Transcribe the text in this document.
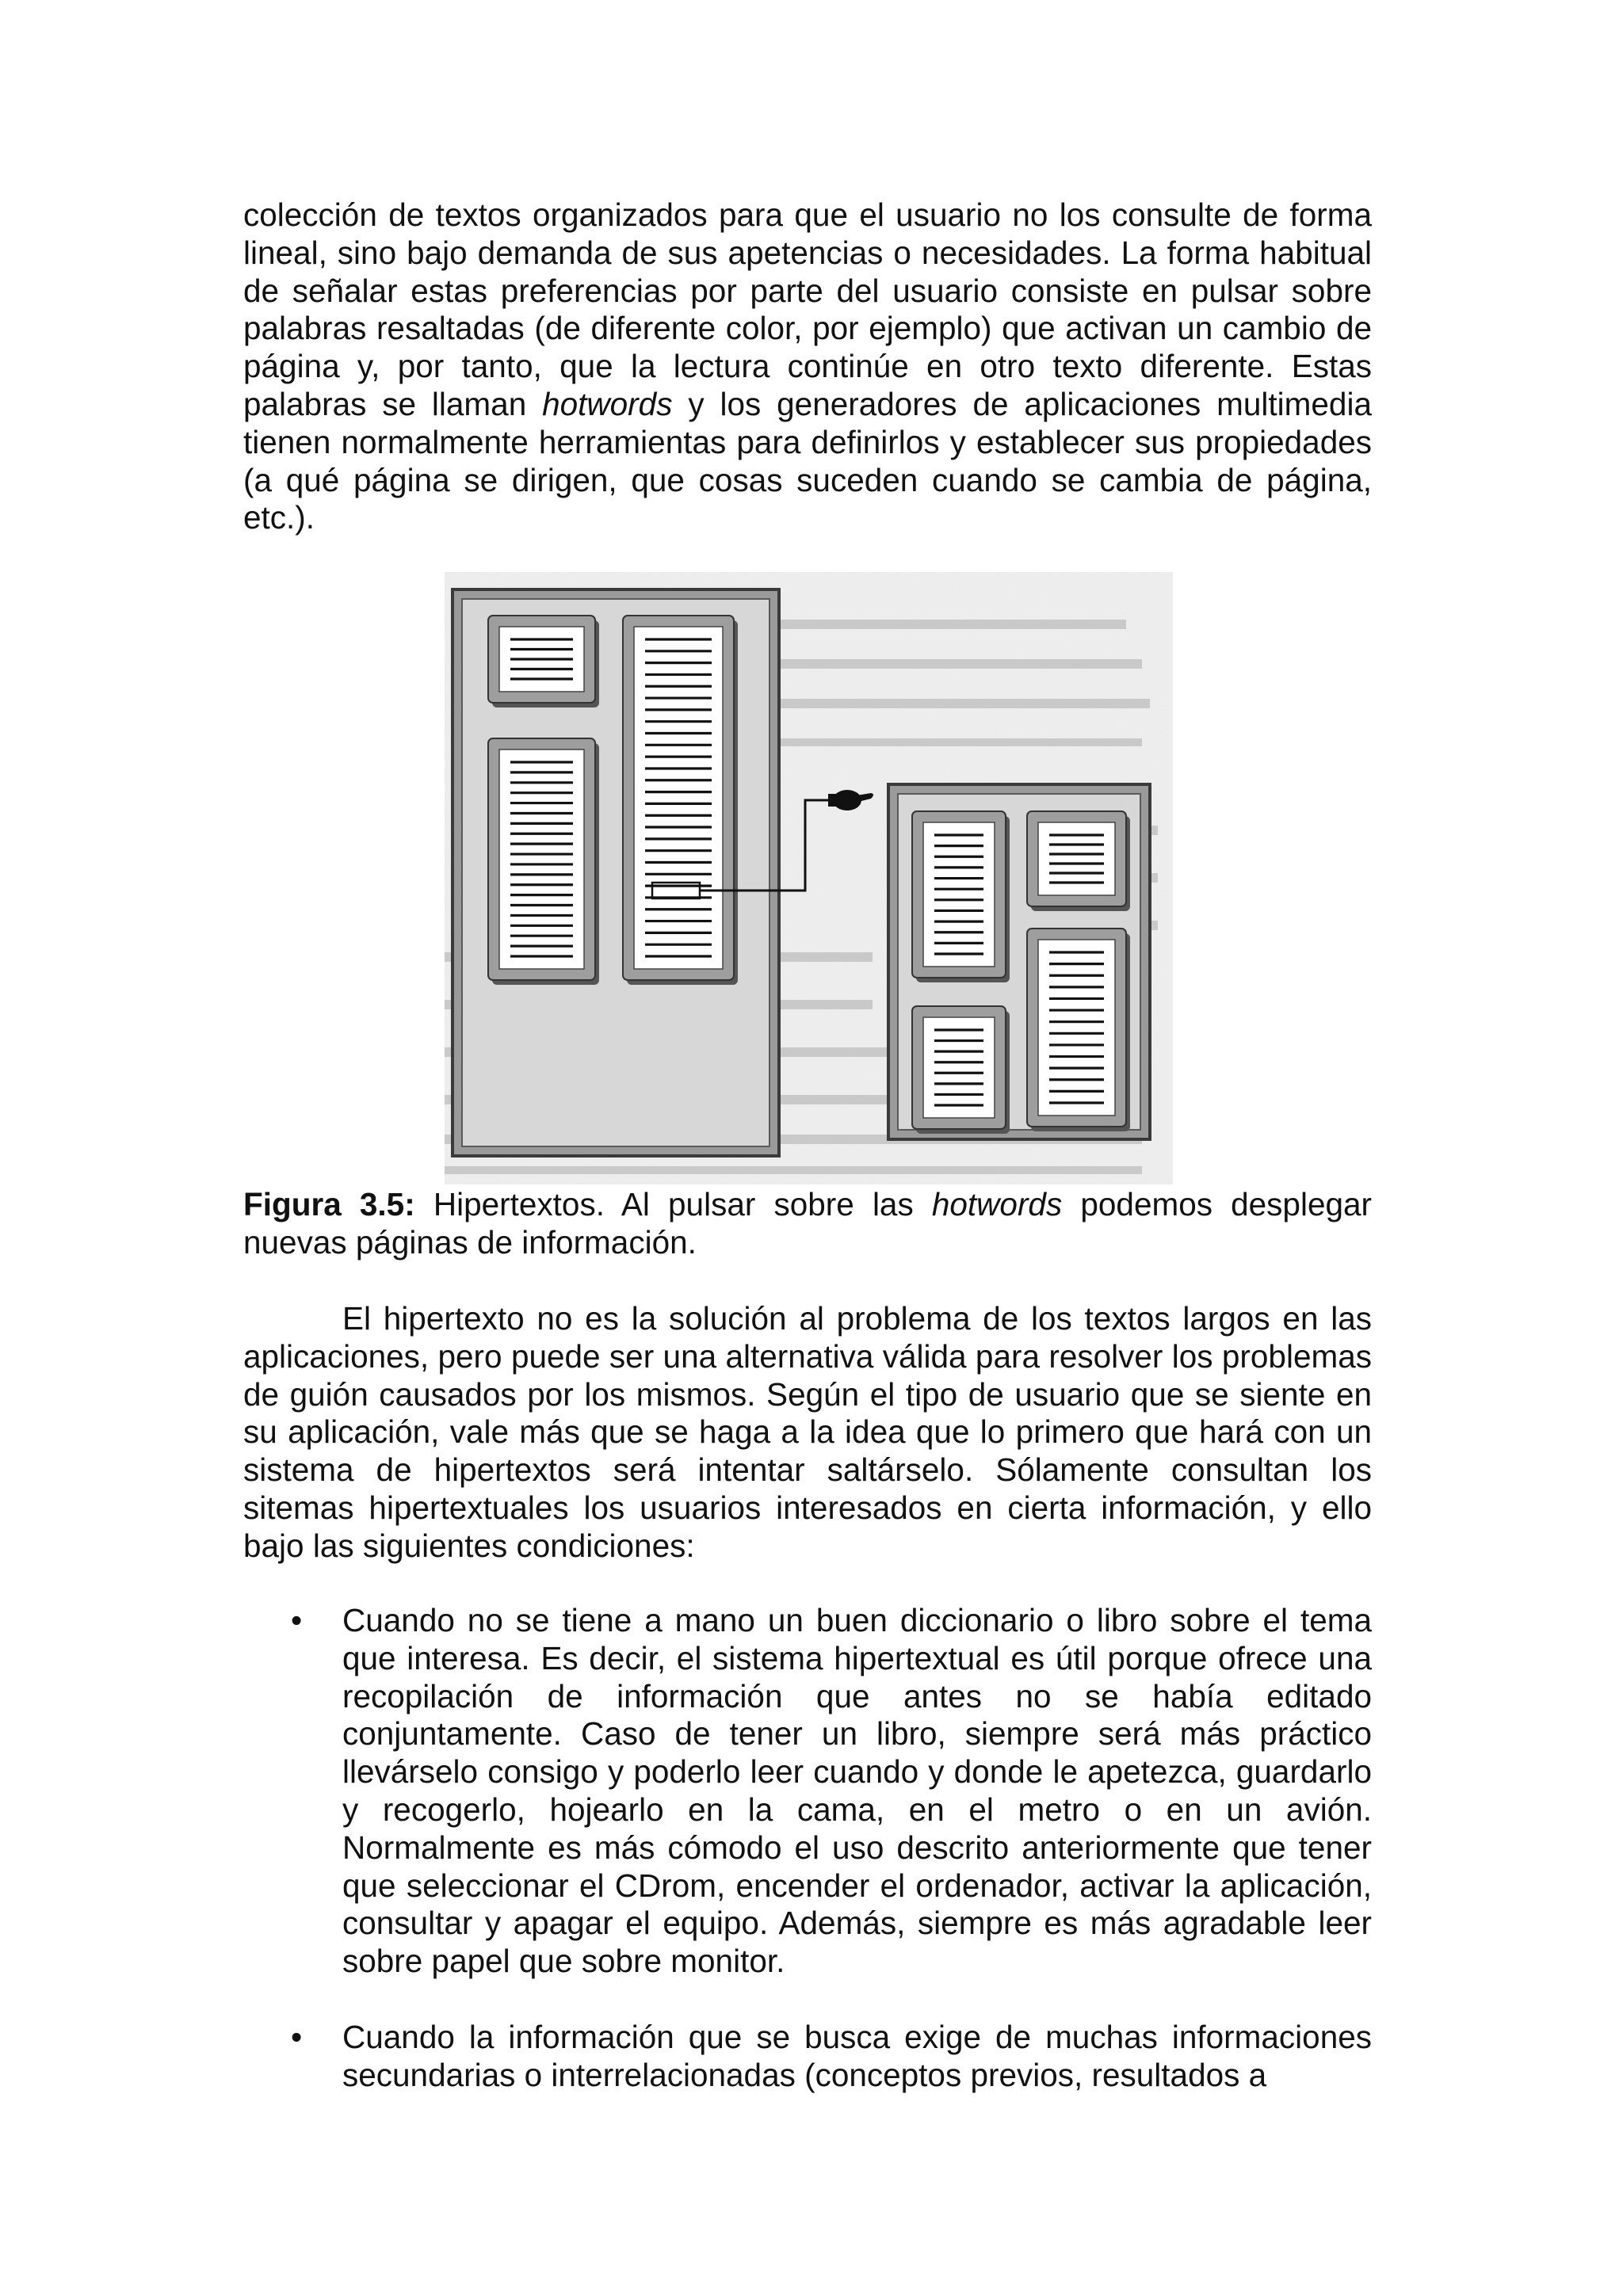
colección de textos organizados para que el usuario no los consulte de forma lineal, sino bajo demanda de sus apetencias o necesidades. La forma habitual de señalar estas preferencias por parte del usuario consiste en pulsar sobre palabras resaltadas (de diferente color, por ejemplo) que activan un cambio de página y, por tanto, que la lectura continúe en otro texto diferente. Estas palabras se llaman hotwords y los generadores de aplicaciones multimedia tienen normalmente herramientas para definirlos y establecer sus propiedades (a qué página se dirigen, que cosas suceden cuando se cambia de página, etc.).

Figura 3.5: Hipertextos. Al pulsar sobre las hotwords podemos desplegar nuevas páginas de información.

El hipertexto no es la solución al problema de los textos largos en las aplicaciones, pero puede ser una alternativa válida para resolver los problemas de guión causados por los mismos. Según el tipo de usuario que se siente en su aplicación, vale más que se haga a la idea que lo primero que hará con un sistema de hipertextos será intentar saltárselo. Sólamente consultan los sitemas hipertextuales los usuarios interesados en cierta información, y ello bajo las siguientes condiciones:

• Cuando no se tiene a mano un buen diccionario o libro sobre el tema que interesa. Es decir, el sistema hipertextual es útil porque ofrece una recopilación de información que antes no se había editado conjuntamente. Caso de tener un libro, siempre será más práctico llevárselo consigo y poderlo leer cuando y donde le apetezca, guardarlo y recogerlo, hojearlo en la cama, en el metro o en un avión. Normalmente es más cómodo el uso descrito anteriormente que tener que seleccionar el CDrom, encender el ordenador, activar la aplicación, consultar y apagar el equipo. Además, siempre es más agradable leer sobre papel que sobre monitor.
• Cuando la información que se busca exige de muchas informaciones secundarias o interrelacionadas (conceptos previos, resultados a
